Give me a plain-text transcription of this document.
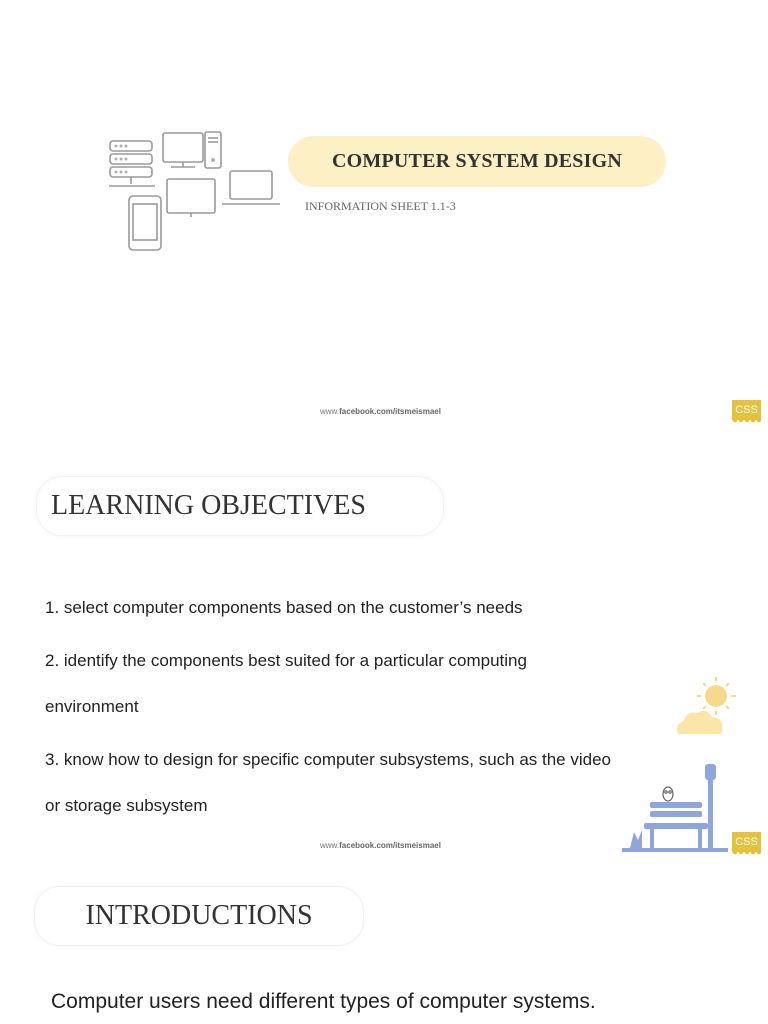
COMPUTER SYSTEM DESIGN
INFORMATION SHEET 1.1-3
www.facebook.com/itsmeismael	CSS
LEARNING OBJECTIVES
1. select computer components based on the customer’s needs
2. identify the components best suited for a particular computing
environment
3. know how to design for specific computer subsystems, such as the video
or storage subsystem
www.facebook.com/itsmeismael	CSS
INTRODUCTIONS
Computer users need different types of computer systems.
